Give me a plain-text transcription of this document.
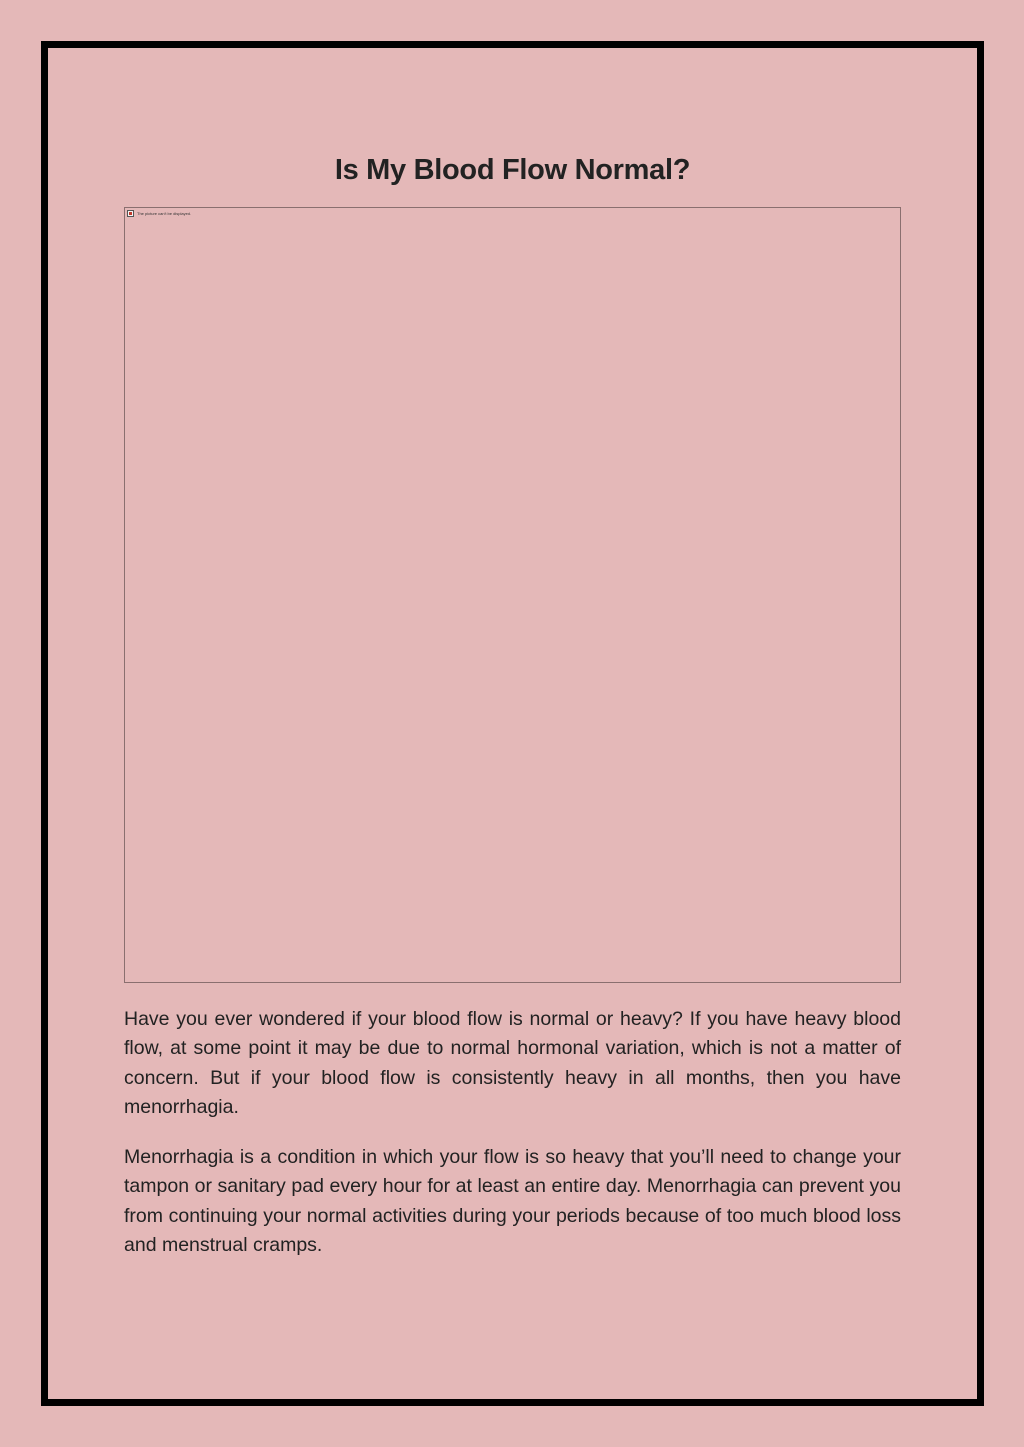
Is My Blood Flow Normal?
The picture can't be displayed.

Have you ever wondered if your blood flow is normal or heavy? If you have heavy blood flow, at some point it may be due to normal hormonal variation, which is not a matter of concern. But if your blood flow is consistently heavy in all months, then you have menorrhagia.

Menorrhagia is a condition in which your flow is so heavy that you’ll need to change your tampon or sanitary pad every hour for at least an entire day. Menorrhagia can prevent you from continuing your normal activities during your periods because of too much blood loss and menstrual cramps.
